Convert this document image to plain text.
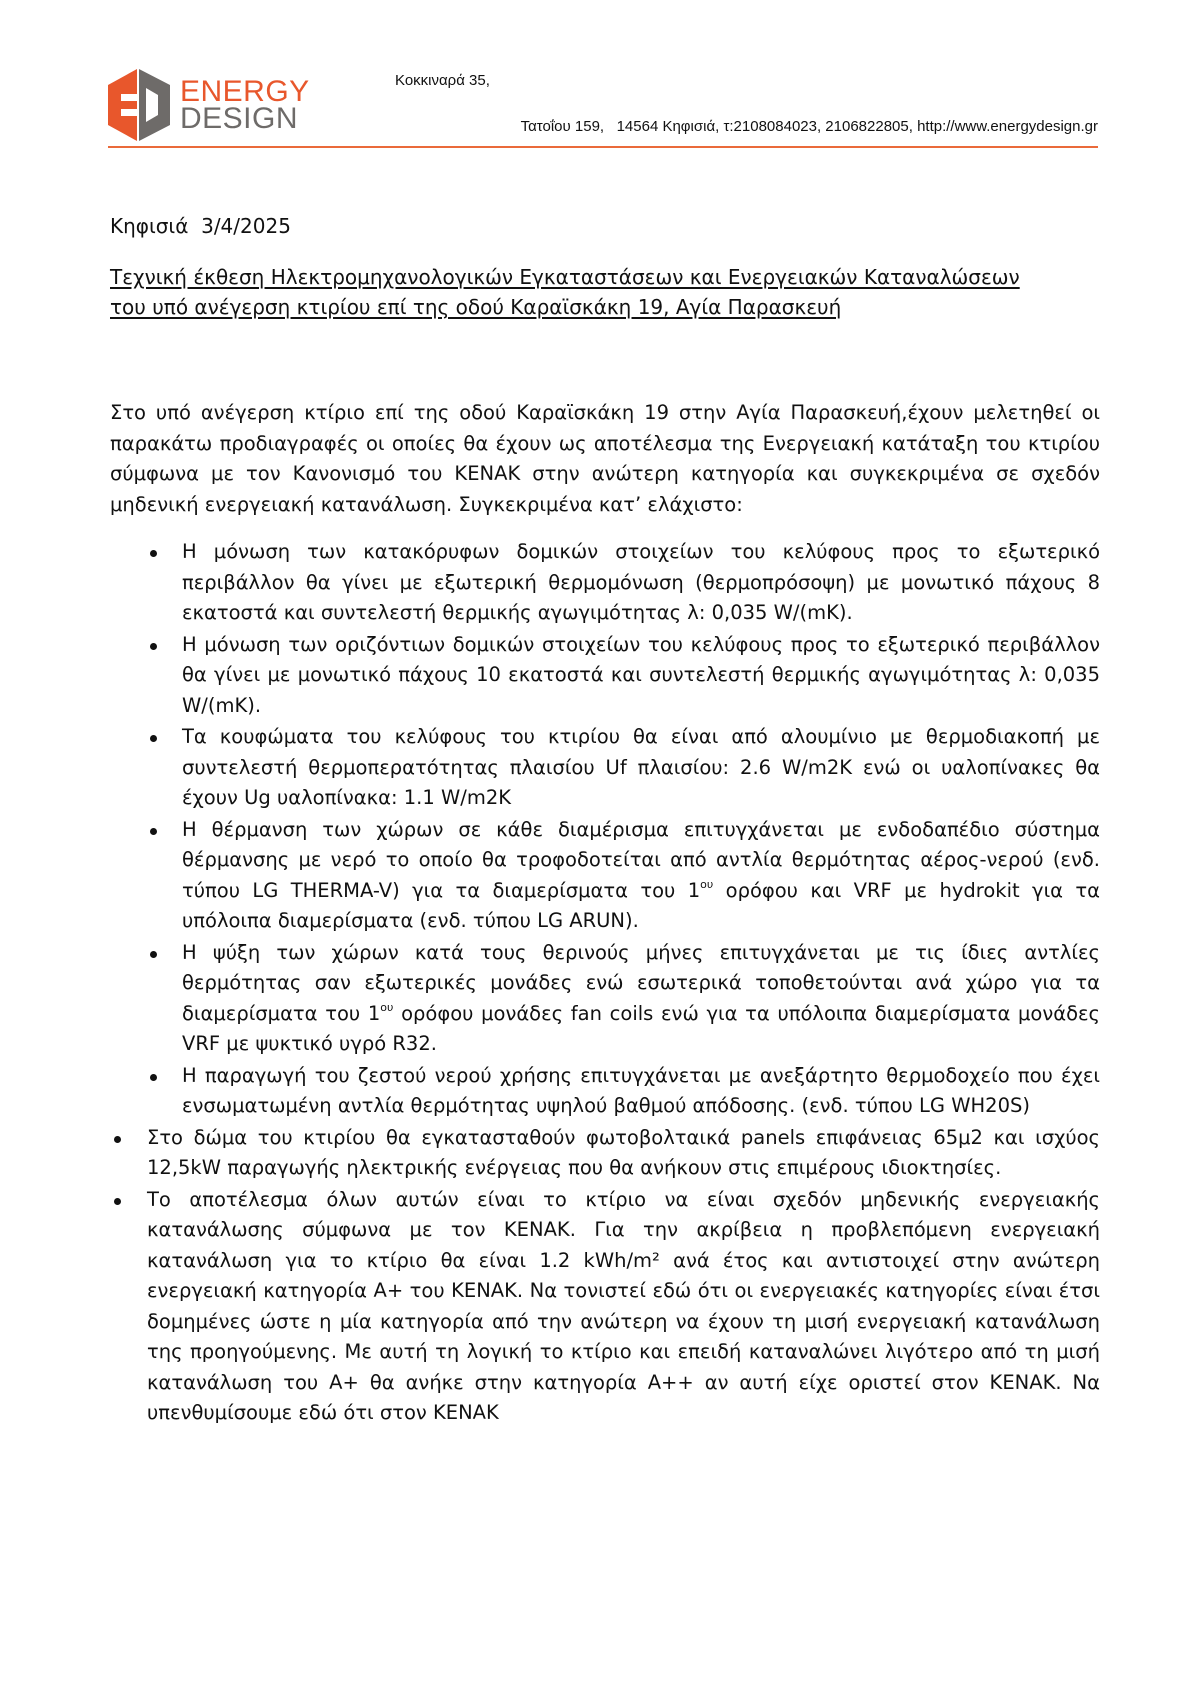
ENERGY
DESIGN
Κοκκιναρά 35,
Τατοΐου 159,   14564 Κηφισιά, τ:2108084023, 2106822805, http://www.energydesign.gr
Κηφισιά  3/4/2025
Τεχνική έκθεση Ηλεκτρομηχανολογικών Εγκαταστάσεων και Ενεργειακών Καταναλώσεων
του υπό ανέγερση κτιρίου επί της οδού Καραϊσκάκη 19, Αγία Παρασκευή

Στο υπό ανέγερση κτίριο επί της οδού Καραϊσκάκη 19 στην Αγία Παρασκευή,έχουν μελετηθεί οι παρακάτω προδιαγραφές οι οποίες θα έχουν ως αποτέλεσμα της Ενεργειακή κατάταξη του κτιρίου σύμφωνα με τον Κανονισμό του ΚΕΝΑΚ στην ανώτερη κατηγορία και συγκεκριμένα σε σχεδόν μηδενική ενεργειακή κατανάλωση. Συγκεκριμένα κατ’ ελάχιστο:

Η μόνωση των κατακόρυφων δομικών στοιχείων του κελύφους προς το εξωτερικό περιβάλλον θα γίνει με εξωτερική θερμομόνωση (θερμοπρόσοψη) με μονωτικό πάχους 8 εκατοστά και συντελεστή θερμικής αγωγιμότητας λ: 0,035 W/(mK).
Η μόνωση των οριζόντιων δομικών στοιχείων του κελύφους προς το εξωτερικό περιβάλλον θα γίνει με μονωτικό πάχους 10 εκατοστά και συντελεστή θερμικής αγωγιμότητας λ: 0,035 W/(mK).
Τα κουφώματα του κελύφους του κτιρίου θα είναι από αλουμίνιο με θερμοδιακοπή με συντελεστή θερμοπερατότητας πλαισίου Uf πλαισίου: 2.6 W/m2K ενώ οι υαλοπίνακες θα έχουν Ug υαλοπίνακα: 1.1 W/m2K
Η θέρμανση των χώρων σε κάθε διαμέρισμα επιτυγχάνεται με ενδοδαπέδιο σύστημα θέρμανσης με νερό το οποίο θα τροφοδοτείται από αντλία θερμότητας αέρος-νερού (ενδ. τύπου LG THERMA-V) για τα διαμερίσματα του $1^{o\upsilon}$ ορόφου και VRF με hydrokit για τα υπόλοιπα διαμερίσματα (ενδ. τύπου LG ARUN).
Η ψύξη των χώρων κατά τους θερινούς μήνες επιτυγχάνεται με τις ίδιες αντλίες θερμότητας σαν εξωτερικές μονάδες ενώ εσωτερικά τοποθετούνται ανά χώρο για τα διαμερίσματα του $1^{o\upsilon}$ ορόφου μονάδες fan coils ενώ για τα υπόλοιπα διαμερίσματα μονάδες VRF με ψυκτικό υγρό R32.
Η παραγωγή του ζεστού νερού χρήσης επιτυγχάνεται με ανεξάρτητο θερμοδοχείο που έχει ενσωματωμένη αντλία θερμότητας υψηλού βαθμού απόδοσης. (ενδ. τύπου LG WH20S)
Στο δώμα του κτιρίου θα εγκατασταθούν φωτοβολταικά panels επιφάνειας 65μ2 και ισχύος 12,5kW παραγωγής ηλεκτρικής ενέργειας που θα ανήκουν στις επιμέρους ιδιοκτησίες.
Το αποτέλεσμα όλων αυτών είναι το κτίριο να είναι σχεδόν μηδενικής ενεργειακής κατανάλωσης σύμφωνα με τον ΚΕΝΑΚ. Για την ακρίβεια η προβλεπόμενη ενεργειακή κατανάλωση για το κτίριο θα είναι 1.2 kWh/m² ανά έτος και αντιστοιχεί στην ανώτερη ενεργειακή κατηγορία Α+ του ΚΕΝΑΚ. Να τονιστεί εδώ ότι οι ενεργειακές κατηγορίες είναι έτσι δομημένες ώστε η μία κατηγορία από την ανώτερη να έχουν τη μισή ενεργειακή κατανάλωση της προηγούμενης. Με αυτή τη λογική το κτίριο και επειδή καταναλώνει λιγότερο από τη μισή κατανάλωση του Α+ θα ανήκε στην κατηγορία Α++ αν αυτή είχε οριστεί στον ΚΕΝΑΚ. Να υπενθυμίσουμε εδώ ότι στον ΚΕΝΑΚ
